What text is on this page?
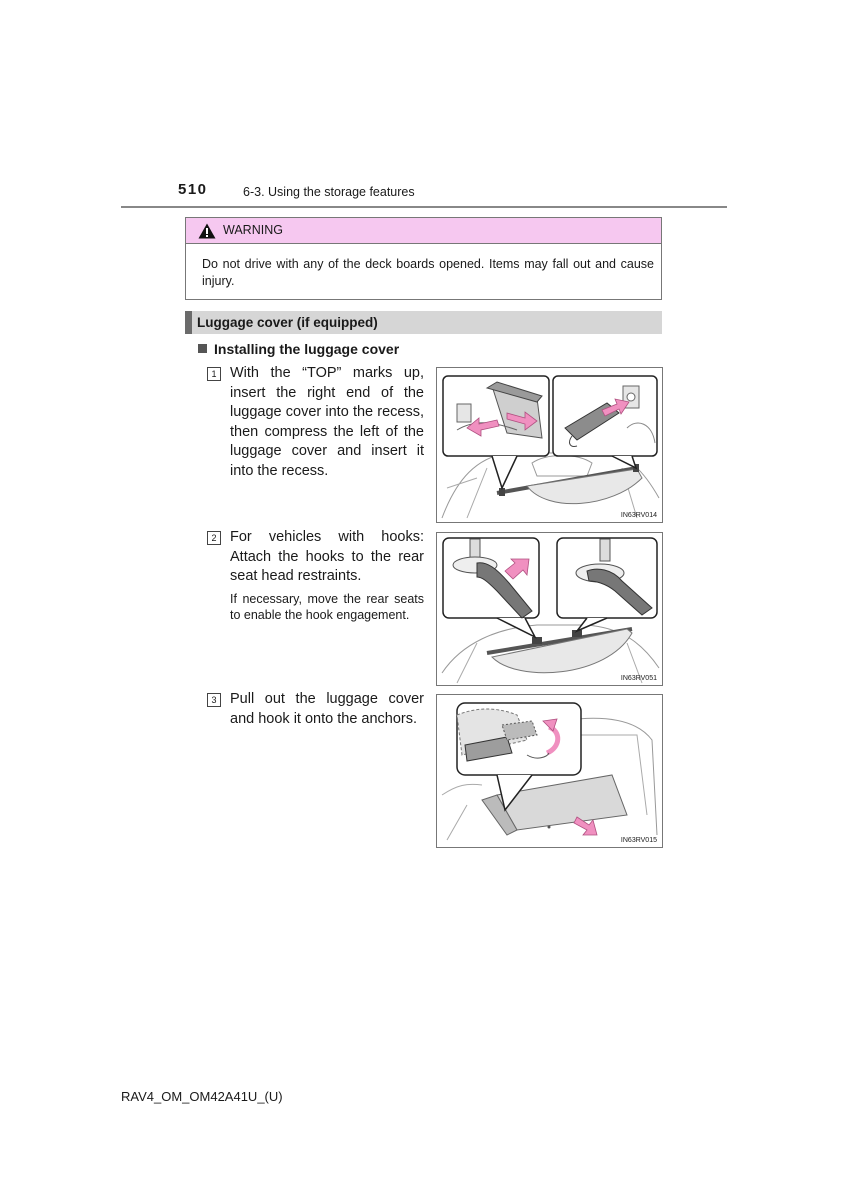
510	6-3. Using the storage features
WARNING
Do not drive with any of the deck boards opened. Items may fall out and cause injury.
Luggage cover (if equipped)
Installing the luggage cover
1 With the “TOP” marks up, insert the right end of the luggage cover into the recess, then compress the left of the luggage cover and insert it into the recess.
IN63RV014
2 For vehicles with hooks: Attach the hooks to the rear seat head restraints.
If necessary, move the rear seats to enable the hook engagement.
IN63RV051
3 Pull out the luggage cover and hook it onto the anchors.
IN63RV015
RAV4_OM_OM42A41U_(U)
